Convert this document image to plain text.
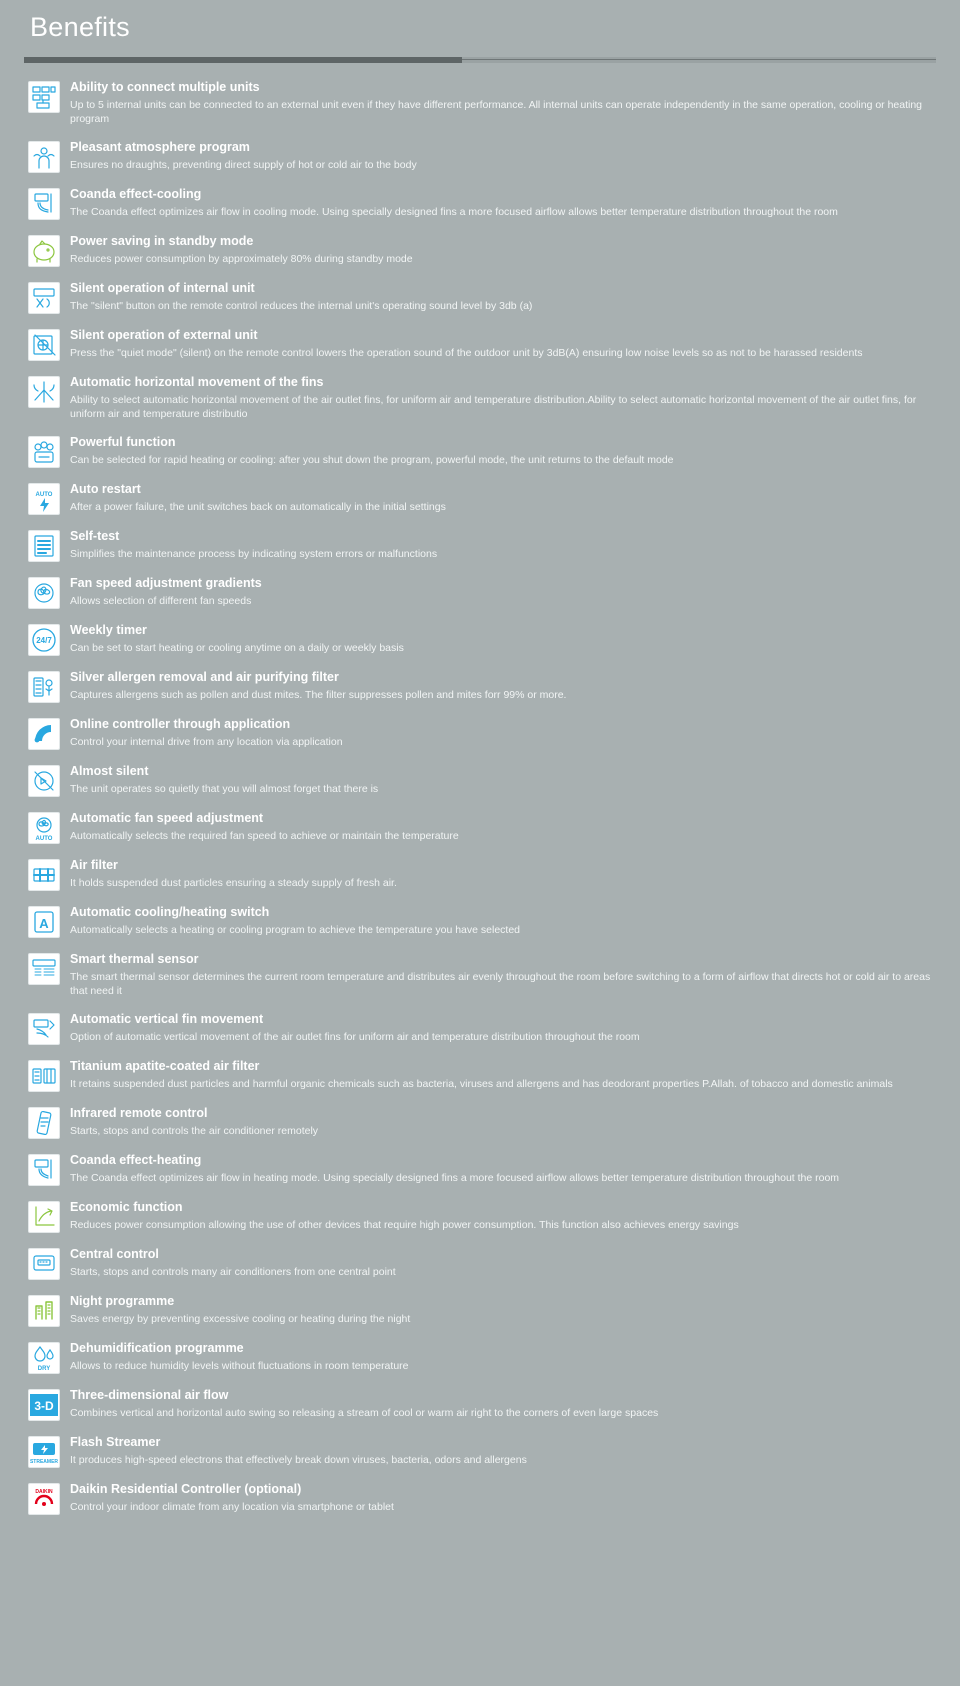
Benefits
Ability to connect multiple units
Up to 5 internal units can be connected to an external unit even if they have different performance. All internal units can operate independently in the same operation, cooling or heating program
Pleasant atmosphere program
Ensures no draughts, preventing direct supply of hot or cold air to the body
Coanda effect-cooling
The Coanda effect optimizes air flow in cooling mode. Using specially designed fins a more focused airflow allows better temperature distribution throughout the room
Power saving in standby mode
Reduces power consumption by approximately 80% during standby mode
Silent operation of internal unit
The "silent" button on the remote control reduces the internal unit's operating sound level by 3db (a)
Silent operation of external unit
Press the "quiet mode" (silent) on the remote control lowers the operation sound of the outdoor unit by 3dB(A) ensuring low noise levels so as not to be harassed residents
Automatic horizontal movement of the fins
Ability to select automatic horizontal movement of the air outlet fins, for uniform air and temperature distribution.Ability to select automatic horizontal movement of the air outlet fins, for uniform air and temperature distributio
Powerful function
Can be selected for rapid heating or cooling: after you shut down the program, powerful mode, the unit returns to the default mode
AUTO Auto restart
After a power failure, the unit switches back on automatically in the initial settings
Self-test
Simplifies the maintenance process by indicating system errors or malfunctions
Fan speed adjustment gradients
Allows selection of different fan speeds
24/7
Weekly timer
Can be set to start heating or cooling anytime on a daily or weekly basis
Silver allergen removal and air purifying filter
Captures allergens such as pollen and dust mites. The filter suppresses pollen and mites forr 99% or more.
Online controller through application
Control your internal drive from any location via application
Almost silent
The unit operates so quietly that you will almost forget that there is
AUTO
Automatic fan speed adjustment
Automatically selects the required fan speed to achieve or maintain the temperature
Air filter
It holds suspended dust particles ensuring a steady supply of fresh air.
A
Automatic cooling/heating switch
Automatically selects a heating or cooling program to achieve the temperature you have selected
Smart thermal sensor
The smart thermal sensor determines the current room temperature and distributes air evenly throughout the room before switching to a form of airflow that directs hot or cold air to areas that need it
Automatic vertical fin movement
Option of automatic vertical movement of the air outlet fins for uniform air and temperature distribution throughout the room
Titanium apatite-coated air filter
It retains suspended dust particles and harmful organic chemicals such as bacteria, viruses and allergens and has deodorant properties P.Allah. of tobacco and domestic animals
Infrared remote control
Starts, stops and controls the air conditioner remotely
Coanda effect-heating
The Coanda effect optimizes air flow in heating mode. Using specially designed fins a more focused airflow allows better temperature distribution throughout the room
Economic function
Reduces power consumption allowing the use of other devices that require high power consumption. This function also achieves energy savings
Central control
Starts, stops and controls many air conditioners from one central point
Night programme
Saves energy by preventing excessive cooling or heating during the night
DRY
Dehumidification programme
Allows to reduce humidity levels without fluctuations in room temperature
3-D
Three-dimensional air flow
Combines vertical and horizontal auto swing so releasing a stream of cool or warm air right to the corners of even large spaces
STREAMER
Flash Streamer
It produces high-speed electrons that effectively break down viruses, bacteria, odors and allergens
DAIKIN Daikin Residential Controller (optional)
Control your indoor climate from any location via smartphone or tablet
